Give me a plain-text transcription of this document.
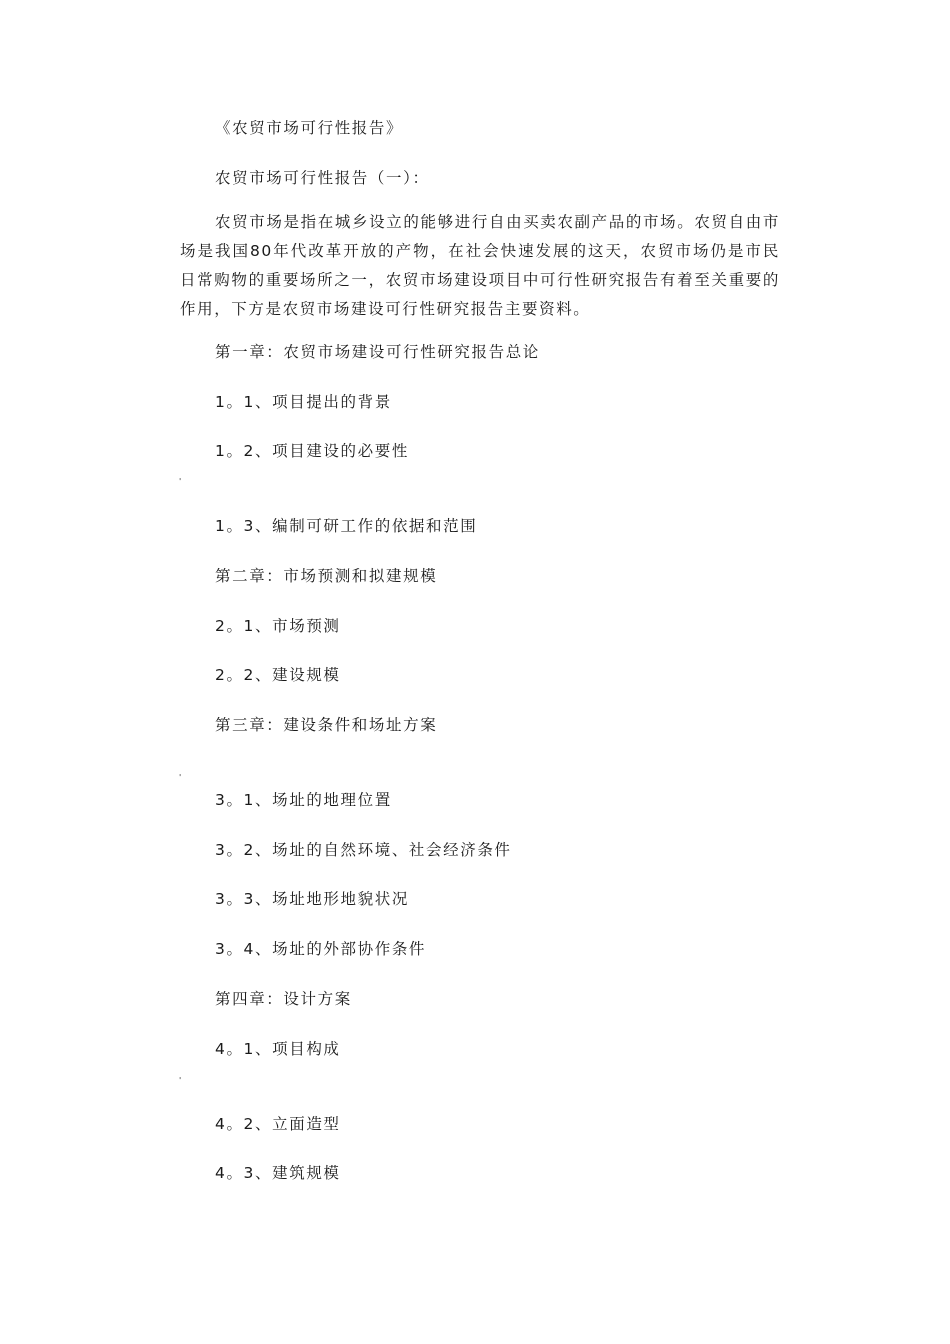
《农贸市场可行性报告》
农贸市场可行性报告（一）：
农贸市场是指在城乡设立的能够进行自由买卖农副产品的市场。农贸自由市场是我国80年代改革开放的产物，在社会快速发展的这天，农贸市场仍是市民日常购物的重要场所之一，农贸市场建设项目中可行性研究报告有着至关重要的作用，下方是农贸市场建设可行性研究报告主要资料。
第一章：农贸市场建设可行性研究报告总论
1。1、项目提出的背景
1。2、项目建设的必要性
'
1。3、编制可研工作的依据和范围
第二章：市场预测和拟建规模
2。1、市场预测
2。2、建设规模
第三章：建设条件和场址方案
'
3。1、场址的地理位置
3。2、场址的自然环境、社会经济条件
3。3、场址地形地貌状况
3。4、场址的外部协作条件
第四章：设计方案
4。1、项目构成
'
4。2、立面造型
4。3、建筑规模
